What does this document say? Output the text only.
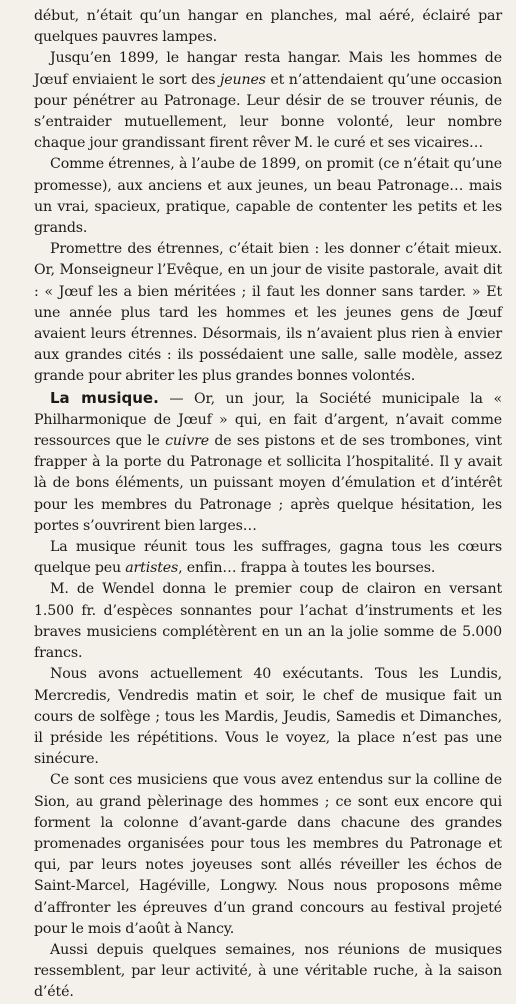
début, n’était qu’un hangar en planches, mal aéré, éclairé par quelques pauvres lampes.

Jusqu’en 1899, le hangar resta hangar. Mais les hommes de Jœuf enviaient le sort des jeunes et n’attendaient qu’une occasion pour pénétrer au Patronage. Leur désir de se trouver réunis, de s’entraider mutuellement, leur bonne volonté, leur nombre chaque jour grandissant firent rêver M. le curé et ses vicaires…

Comme étrennes, à l’aube de 1899, on promit (ce n’était qu’une promesse), aux anciens et aux jeunes, un beau Patronage… mais un vrai, spacieux, pratique, capable de contenter les petits et les grands.

Promettre des étrennes, c’était bien : les donner c’était mieux. Or, Monseigneur l’Evêque, en un jour de visite pastorale, avait dit : « Jœuf les a bien méritées ; il faut les donner sans tarder. » Et une année plus tard les hommes et les jeunes gens de Jœuf avaient leurs étrennes. Désormais, ils n’avaient plus rien à envier aux grandes cités : ils possédaient une salle, salle modèle, assez grande pour abriter les plus grandes bonnes volontés.

La musique. — Or, un jour, la Société municipale la « Philharmonique de Jœuf » qui, en fait d’argent, n’avait comme ressources que le cuivre de ses pistons et de ses trombones, vint frapper à la porte du Patronage et sollicita l’hospitalité. Il y avait là de bons éléments, un puissant moyen d’émulation et d’intérêt pour les membres du Patronage ; après quelque hésitation, les portes s’ouvrirent bien larges…

La musique réunit tous les suffrages, gagna tous les cœurs quelque peu artistes, enfin… frappa à toutes les bourses.

M. de Wendel donna le premier coup de clairon en versant 1.500 fr. d’espèces sonnantes pour l’achat d’instruments et les braves musiciens complétèrent en un an la jolie somme de 5.000 francs.

Nous avons actuellement 40 exécutants. Tous les Lundis, Mercredis, Vendredis matin et soir, le chef de musique fait un cours de solfège ; tous les Mardis, Jeudis, Samedis et Dimanches, il préside les répétitions. Vous le voyez, la place n’est pas une sinécure.

Ce sont ces musiciens que vous avez entendus sur la colline de Sion, au grand pèlerinage des hommes ; ce sont eux encore qui forment la colonne d’avant-garde dans chacune des grandes promenades organisées pour tous les membres du Patronage et qui, par leurs notes joyeuses sont allés réveiller les échos de Saint-Marcel, Hagéville, Longwy. Nous nous proposons même d’affronter les épreuves d’un grand concours au festival projeté pour le mois d’août à Nancy.

Aussi depuis quelques semaines, nos réunions de musiques ressemblent, par leur activité, à une véritable ruche, à la saison d’été.
